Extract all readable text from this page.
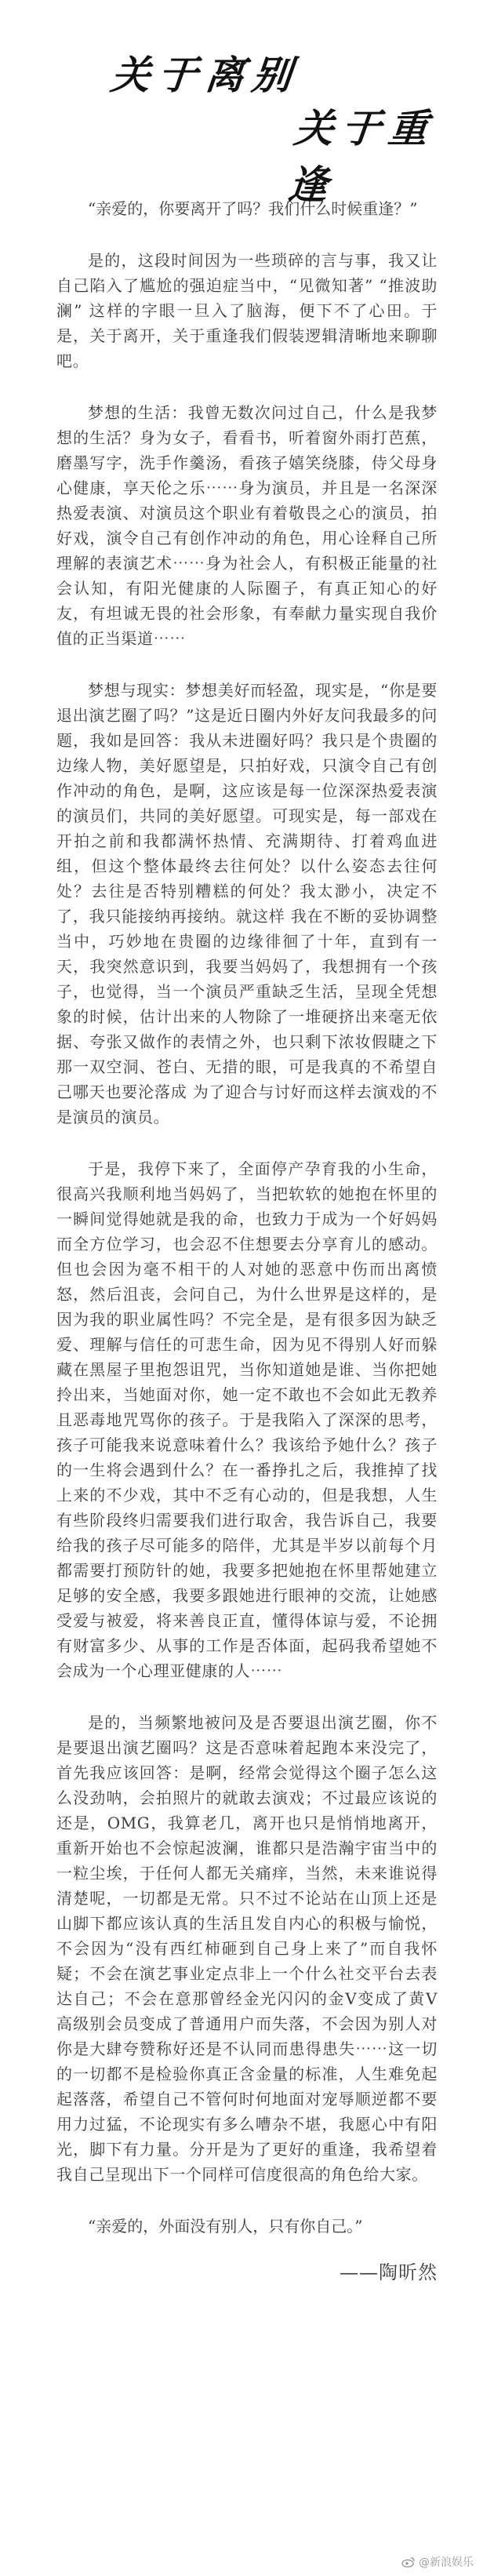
关于离别
关于重逢

“亲爱的，你要离开了吗？我们什么时候重逢？”

是的，这段时间因为一些琐碎的言与事，我又让自己陷入了尴尬的强迫症当中，“见微知著” “推波助澜” 这样的字眼一旦入了脑海，便下不了心田。于是，关于离开，关于重逢我们假装逻辑清晰地来聊聊吧。

梦想的生活：我曾无数次问过自己，什么是我梦想的生活？身为女子，看看书，听着窗外雨打芭蕉，磨墨写字，洗手作羹汤，看孩子嬉笑绕膝，侍父母身心健康，享天伦之乐⋯⋯身为演员，并且是一名深深热爱表演、对演员这个职业有着敬畏之心的演员，拍好戏，演令自己有创作冲动的角色，用心诠释自己所理解的表演艺术⋯⋯身为社会人，有积极正能量的社会认知，有阳光健康的人际圈子，有真正知心的好友，有坦诚无畏的社会形象，有奉献力量实现自我价值的正当渠道⋯⋯

梦想与现实：梦想美好而轻盈，现实是，“你是要退出演艺圈了吗？”这是近日圈内外好友问我最多的问题，我如是回答：我从未进圈好吗？我只是个贵圈的边缘人物，美好愿望是，只拍好戏，只演令自己有创作冲动的角色，是啊，这应该是每一位深深热爱表演的演员们，共同的美好愿望。可现实是，每一部戏在开拍之前和我都满怀热情、充满期待、打着鸡血进组，但这个整体最终去往何处？以什么姿态去往何处？去往是否特别糟糕的何处？我太渺小，决定不了，我只能接纳再接纳。就这样 我在不断的妥协调整当中，巧妙地在贵圈的边缘徘徊了十年，直到有一天，我突然意识到，我要当妈妈了，我想拥有一个孩子，也觉得，当一个演员严重缺乏生活，呈现全凭想象的时候，估计出来的人物除了一堆硬挤出来毫无依据、夸张又做作的表情之外，也只剩下浓妆假睫之下那一双空洞、苍白、无措的眼，可是我真的不希望自己哪天也要沦落成 为了迎合与讨好而这样去演戏的不是演员的演员。

于是，我停下来了，全面停产孕育我的小生命，很高兴我顺利地当妈妈了，当把软软的她抱在怀里的一瞬间觉得她就是我的命，也致力于成为一个好妈妈而全方位学习，也会忍不住想要去分享育儿的感动。但也会因为毫不相干的人对她的恶意中伤而出离愤怒，然后沮丧，会问自己，为什么世界是这样的，是因为我的职业属性吗？不完全是，是有很多因为缺乏爱、理解与信任的可悲生命，因为见不得别人好而躲藏在黑屋子里抱怨诅咒，当你知道她是谁、当你把她拎出来，当她面对你，她一定不敢也不会如此无教养且恶毒地咒骂你的孩子。于是我陷入了深深的思考，孩子可能我来说意味着什么？我该给予她什么？孩子的一生将会遇到什么？在一番挣扎之后，我推掉了找上来的不少戏，其中不乏有心动的，但是我想，人生有些阶段终归需要我们进行取舍，我告诉自己，我要给我的孩子尽可能多的陪伴，尤其是半岁以前每个月都需要打预防针的她，我要多把她抱在怀里帮她建立足够的安全感，我要多跟她进行眼神的交流，让她感受爱与被爱，将来善良正直，懂得体谅与爱，不论拥有财富多少、从事的工作是否体面，起码我希望她不会成为一个心理亚健康的人⋯⋯

是的，当频繁地被问及是否要退出演艺圈，你不是要退出演艺圈吗？这是否意味着起跑本来没完了，首先我应该回答：是啊，经常会觉得这个圈子怎么这么没劲呐，会拍照片的就敢去演戏；不过最应该说的还是，OMG，我算老几，离开也只是悄悄地离开，重新开始也不会惊起波澜，谁都只是浩瀚宇宙当中的一粒尘埃，于任何人都无关痛痒，当然，未来谁说得清楚呢，一切都是无常。只不过不论站在山顶上还是山脚下都应该认真的生活且发自内心的积极与愉悦，不会因为“没有西红柿砸到自己身上来了”而自我怀疑；不会在演艺事业定点非上一个什么社交平台去表达自己；不会在意那曾经金光闪闪的金V变成了黄V 高级别会员变成了普通用户而失落，不会因为别人对你是大肆夸赞称好还是不认同而患得患失⋯⋯这一切的一切都不是检验你真正含金量的标准，人生难免起起落落，希望自己不管何时何地面对宠辱顺逆都不要用力过猛，不论现实有多么嘈杂不堪，我愿心中有阳光，脚下有力量。分开是为了更好的重逢，我希望着我自己呈现出下一个同样可信度很高的角色给大家。

“亲爱的，外面没有别人，只有你自己。”

——陶昕然
@新浪娱乐
